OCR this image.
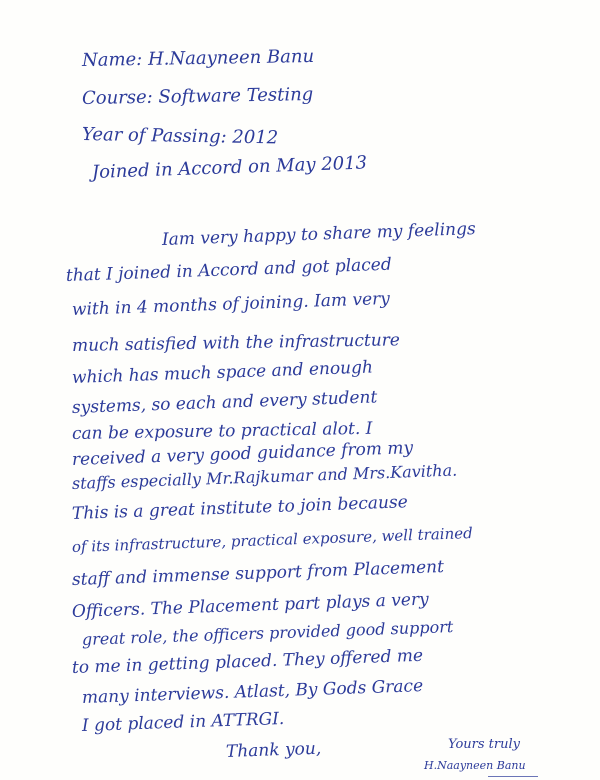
Name: H.Naayneen Banu

Course: Software Testing

Year of Passing: 2012

Joined in Accord on May 2013

Iam very happy to share my feelings

that I joined in Accord and got placed

with in 4 months of joining. Iam very

much satisfied with the infrastructure

which has much space and enough

systems, so each and every student

can be exposure to practical alot. I

received a very good guidance from my

staffs especially Mr.Rajkumar and Mrs.Kavitha.

This is a great institute to join because

of its infrastructure, practical exposure, well trained

staff and immense support from Placement

Officers. The Placement part plays a very

great role, the officers provided good support

to me in getting placed. They offered me

many interviews. Atlast, By Gods Grace

I got placed in ATTRGI.

Thank you,	Yours truly

H.Naayneen Banu
